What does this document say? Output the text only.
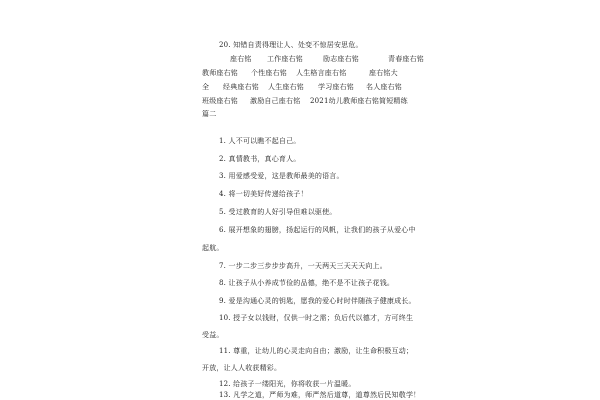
20. 知错自责得理让人、处变不惊居安思危。
座右铭 工作座右铭	励志座右铭	青春座右铭
教师座右铭 个性座右铭 人生格言座右铭	座右铭大
全 经典座右铭 人生座右铭 学习座右铭 名人座右铭
班级座右铭 激励自己座右铭 2021幼儿教师座右铭简短精练
篇二
1. 人不可以瞧不起自己。
2. 真情教书，真心育人。
3. 用爱感受爱，这是教师最美的语言。
4. 将一切美好传递给孩子！
5. 受过教育的人好引导但难以驱使。
6. 展开想象的翅膀，扬起运行的风帆，让我们的孩子从爱心中
起航。
7. 一步二步三步步步高升，一天两天三天天天向上。
8. 让孩子从小养成节俭的品德，绝不是不让孩子花钱。
9. 爱是沟通心灵的钥匙，愿我的爱心时时伴随孩子健康成长。
10. 授子女以钱财，仅供一时之需；负后代以德才，方可终生
受益。
11. 尊重，让幼儿的心灵走向自由；激励，让生命积极互动；
开放，让人人收获精彩。
12. 给孩子一缕阳光，你将收获一片温暖。
13. 凡学之道，严师为难，师严然后道尊，道尊然后民知敬学！
